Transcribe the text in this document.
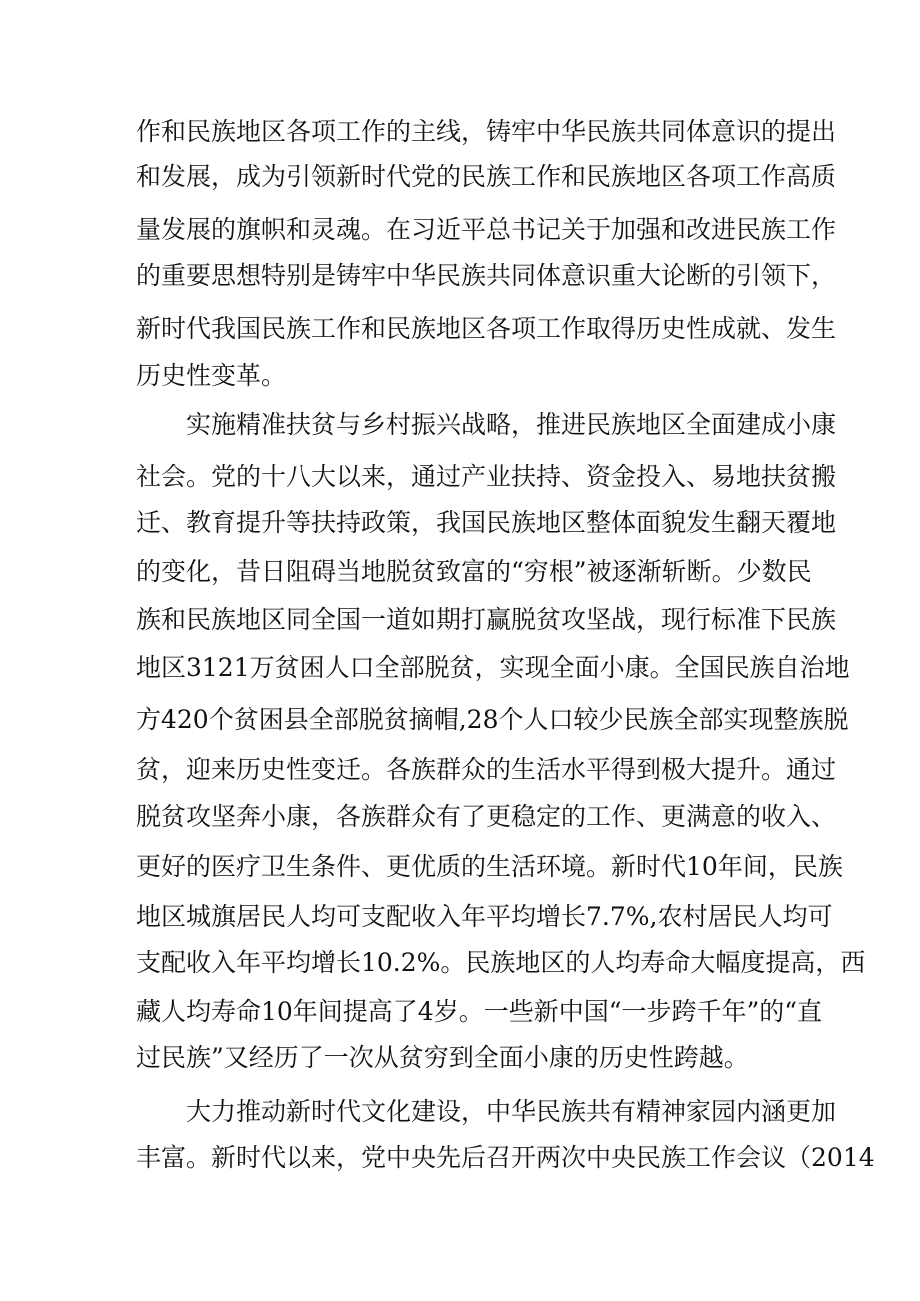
作和民族地区各项工作的主线，铸牢中华民族共同体意识的提出
和发展，成为引领新时代党的民族工作和民族地区各项工作高质
量发展的旗帜和灵魂。在习近平总书记关于加强和改进民族工作
的重要思想特别是铸牢中华民族共同体意识重大论断的引领下，
新时代我国民族工作和民族地区各项工作取得历史性成就、发生
历史性变革。
实施精准扶贫与乡村振兴战略，推进民族地区全面建成小康
社会。党的十八大以来，通过产业扶持、资金投入、易地扶贫搬
迁、教育提升等扶持政策，我国民族地区整体面貌发生翻天覆地
的变化，昔日阻碍当地脱贫致富的“穷根”被逐渐斩断。少数民
族和民族地区同全国一道如期打赢脱贫攻坚战，现行标准下民族
地区3121万贫困人口全部脱贫，实现全面小康。全国民族自治地
方420个贫困县全部脱贫摘帽,28个人口较少民族全部实现整族脱
贫，迎来历史性变迁。各族群众的生活水平得到极大提升。通过
脱贫攻坚奔小康，各族群众有了更稳定的工作、更满意的收入、
更好的医疗卫生条件、更优质的生活环境。新时代10年间，民族
地区城旗居民人均可支配收入年平均增长7.7%,农村居民人均可
支配收入年平均增长10.2%。民族地区的人均寿命大幅度提高，西
藏人均寿命10年间提高了4岁。一些新中国“一步跨千年”的“直
过民族”又经历了一次从贫穷到全面小康的历史性跨越。
大力推动新时代文化建设，中华民族共有精神家园内涵更加
丰富。新时代以来，党中央先后召开两次中央民族工作会议（2014
